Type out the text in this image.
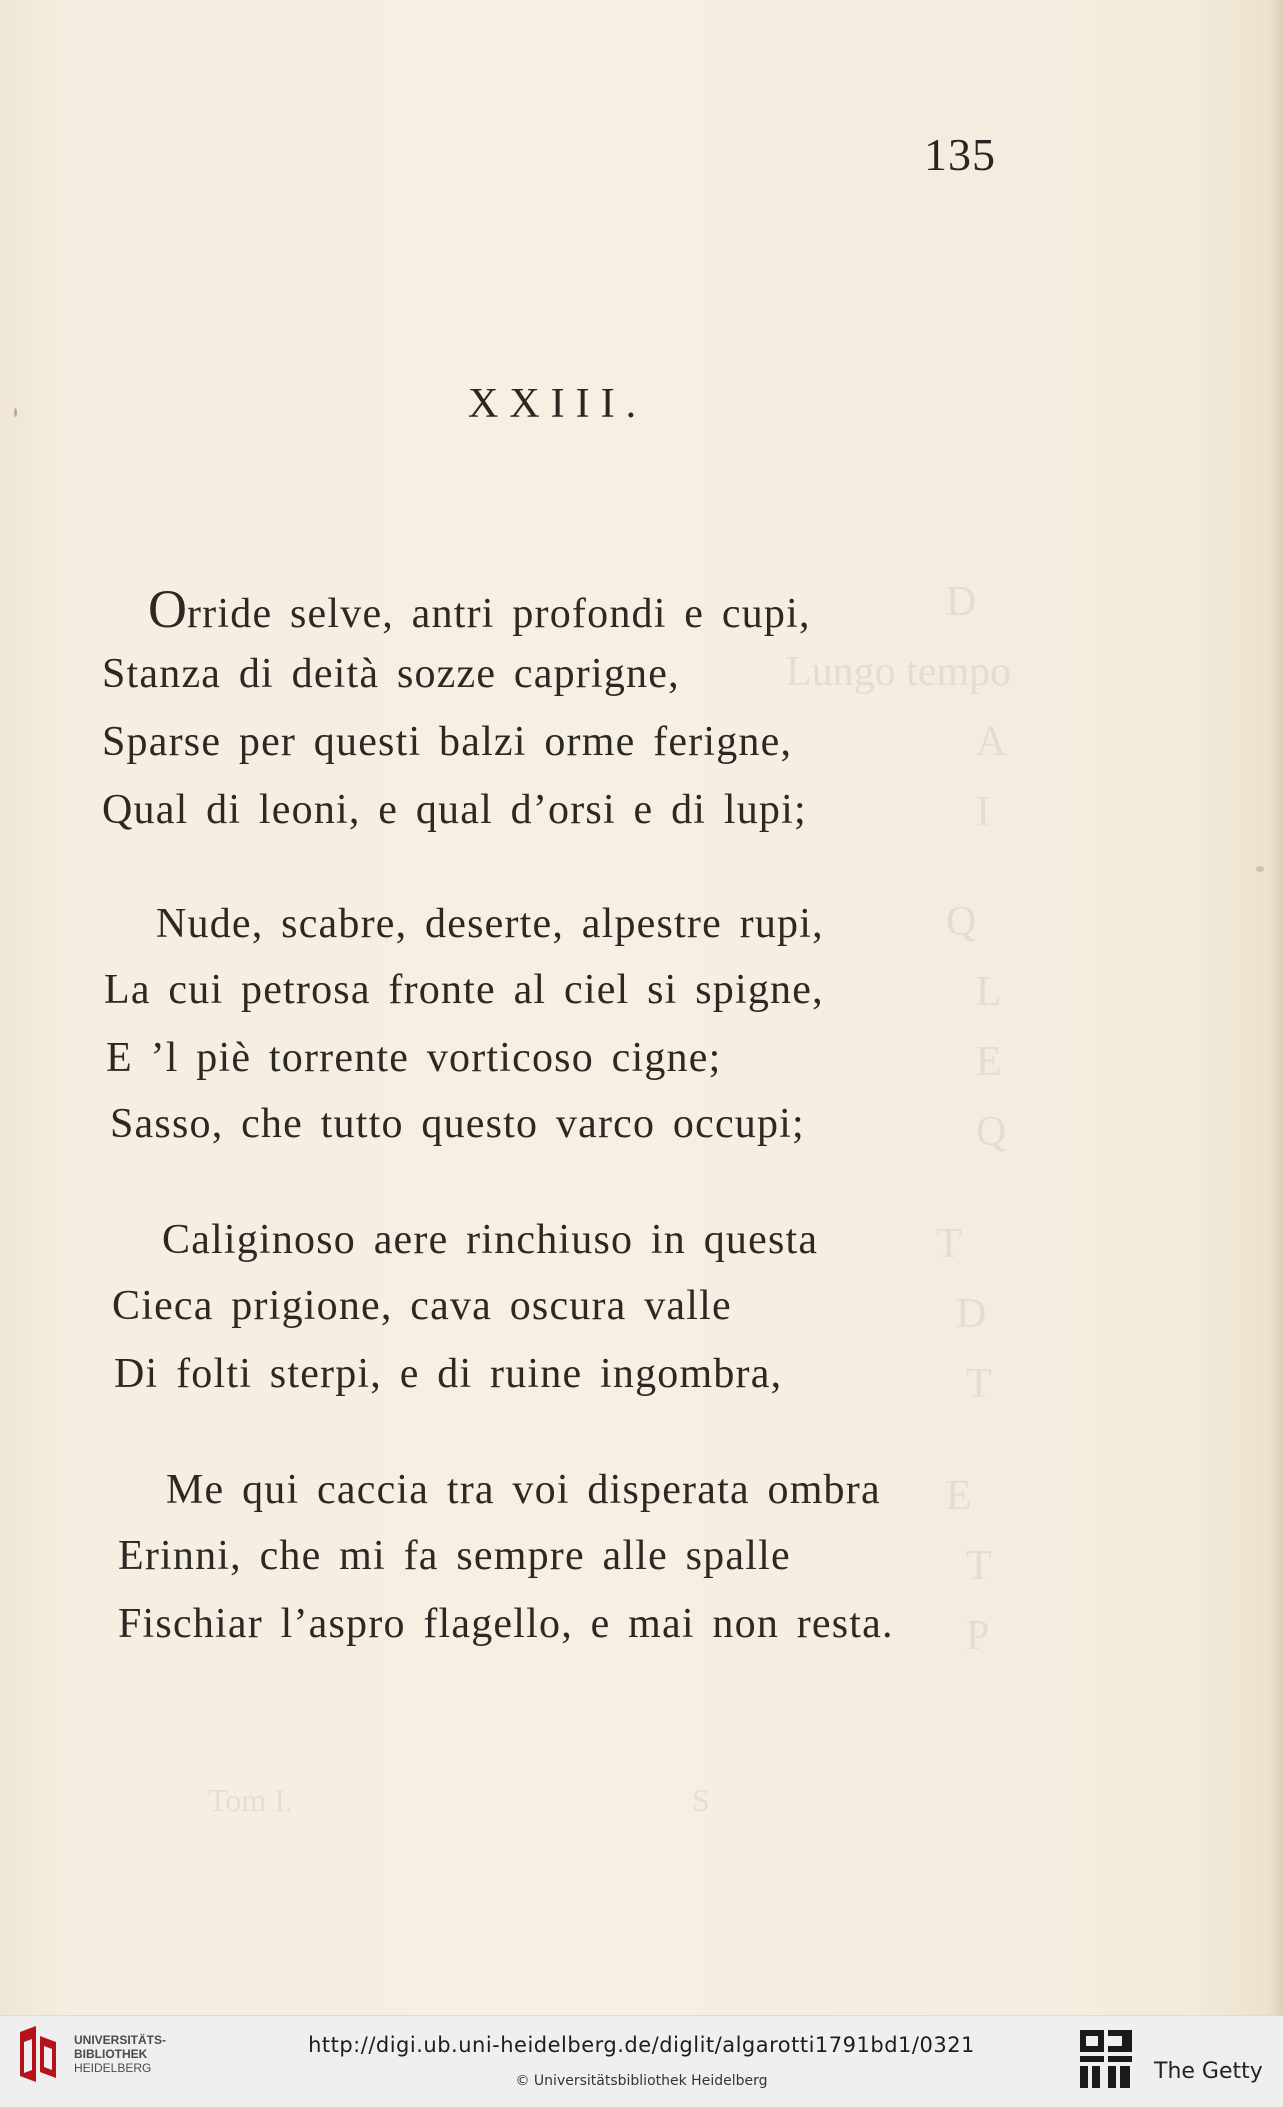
D
Lungo tempo
A
I
Q
L
E
Q
T
D
T
E
T
P
Tom I.	S
135
XXIII.
Orride selve, antri profondi e cupi,
Stanza di deità sozze caprigne,
Sparse per questi balzi orme ferigne,
Qual di leoni, e qual d’orsi e di lupi;
Nude, scabre, deserte, alpestre rupi,
La cui petrosa fronte al ciel si spigne,
E ’l piè torrente vorticoso cigne;
Sasso, che tutto questo varco occupi;
Caliginoso aere rinchiuso in questa
Cieca prigione, cava oscura valle
Di folti sterpi, e di ruine ingombra,
Me qui caccia tra voi disperata ombra
Erinni, che mi fa sempre alle spalle
Fischiar l’aspro flagello, e mai non resta.
UNIVERSITÄTS-
BIBLIOTHEK
HEIDELBERG
http://digi.ub.uni-heidelberg.de/diglit/algarotti1791bd1/0321
© Universitätsbibliothek Heidelberg	The Getty
